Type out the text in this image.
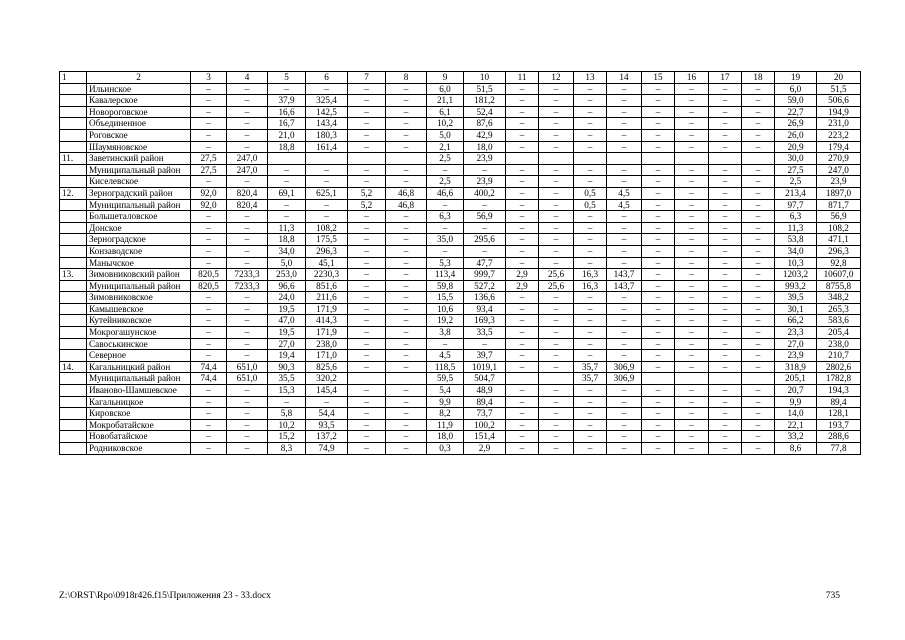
1	2	3	4	5	6	7	8	9	10	11	12	13	14	15	16	17	18	19	20
	Ильинское	–	–	–	–	–	–	6,0	51,5	–	–	–	–	–	–	–	–	6,0	51,5
	Кавалерское	–	–	37,9	325,4	–	–	21,1	181,2	–	–	–	–	–	–	–	–	59,0	506,6
	Новороговское	–	–	16,6	142,5	–	–	6,1	52,4	–	–	–	–	–	–	–	–	22,7	194,9
	Объединенное	–	–	16,7	143,4	–	–	10,2	87,6	–	–	–	–	–	–	–	–	26,9	231,0
	Роговское	–	–	21,0	180,3	–	–	5,0	42,9	–	–	–	–	–	–	–	–	26,0	223,2
	Шаумяновское	–	–	18,8	161,4	–	–	2,1	18,0	–	–	–	–	–	–	–	–	20,9	179,4
11.	Заветинский район	27,5	247,0					2,5	23,9									30,0	270,9
	Муниципальный район	27,5	247,0	–	–	–	–	–	–	–	–	–	–	–	–	–	–	27,5	247,0
	Киселевское	–	–	–	–	–	–	2,5	23,9	–	–	–	–	–	–	–	–	2,5	23,9
12.	Зерноградский район	92,0	820,4	69,1	625,1	5,2	46,8	46,6	400,2	–	–	0,5	4,5	–	–	–	–	213,4	1897,0
	Муниципальный район	92,0	820,4	–	–	5,2	46,8	–	–	–	–	0,5	4,5	–	–	–	–	97,7	871,7
	Большеталовское	–	–	–	–	–	–	6,3	56,9	–	–	–	–	–	–	–	–	6,3	56,9
	Донское	–	–	11,3	108,2	–	–	–	–	–	–	–	–	–	–	–	–	11,3	108,2
	Зерноградское	–	–	18,8	175,5	–	–	35,0	295,6	–	–	–	–	–	–	–	–	53,8	471,1
	Конзаводское	–	–	34,0	296,3	–	–	–	–	–	–	–	–	–	–	–	–	34,0	296,3
	Манычское	–	–	5,0	45,1	–	–	5,3	47,7	–	–	–	–	–	–	–	–	10,3	92,8
13.	Зимовниковский район	820,5	7233,3	253,0	2230,3	–	–	113,4	999,7	2,9	25,6	16,3	143,7	–	–	–	–	1203,2	10607,0
	Муниципальный район	820,5	7233,3	96,6	851,6	–	–	59,8	527,2	2,9	25,6	16,3	143,7	–	–	–	–	993,2	8755,8
	Зимовниковское	–	–	24,0	211,6	–	–	15,5	136,6	–	–	–	–	–	–	–	–	39,5	348,2
	Камышевское	–	–	19,5	171,9	–	–	10,6	93,4	–	–	–	–	–	–	–	–	30,1	265,3
	Кутейниковское	–	–	47,0	414,3	–	–	19,2	169,3	–	–	–	–	–	–	–	–	66,2	583,6
	Мокрогашунское	–	–	19,5	171,9	–	–	3,8	33,5	–	–	–	–	–	–	–	–	23,3	205,4
	Савоськинское	–	–	27,0	238,0	–	–	–	–	–	–	–	–	–	–	–	–	27,0	238,0
	Северное	–	–	19,4	171,0	–	–	4,5	39,7	–	–	–	–	–	–	–	–	23,9	210,7
14.	Кагальницкий район	74,4	651,0	90,3	825,6	–	–	118,5	1019,1	–	–	35,7	306,9	–	–	–	–	318,9	2802,6
	Муниципальный район	74,4	651,0	35,5	320,2			59,5	504,7			35,7	306,9					205,1	1782,8
	Иваново-Шамшевское	–	–	15,3	145,4	–	–	5,4	48,9	–	–	–	–	–	–	–	–	20,7	194,3
	Кагальницкое	–	–	–	–	–	–	9,9	89,4	–	–	–	–	–	–	–	–	9,9	89,4
	Кировское	–	–	5,8	54,4	–	–	8,2	73,7	–	–	–	–	–	–	–	–	14,0	128,1
	Мокробатайское	–	–	10,2	93,5	–	–	11,9	100,2	–	–	–	–	–	–	–	–	22,1	193,7
	Новобатайское	–	–	15,2	137,2	–	–	18,0	151,4	–	–	–	–	–	–	–	–	33,2	288,6
	Родниковское	–	–	8,3	74,9	–	–	0,3	2,9	–	–	–	–	–	–	–	–	8,6	77,8
Z:\ORST\Rpo\0918r426.f15\Приложения 23 - 33.docx	735
